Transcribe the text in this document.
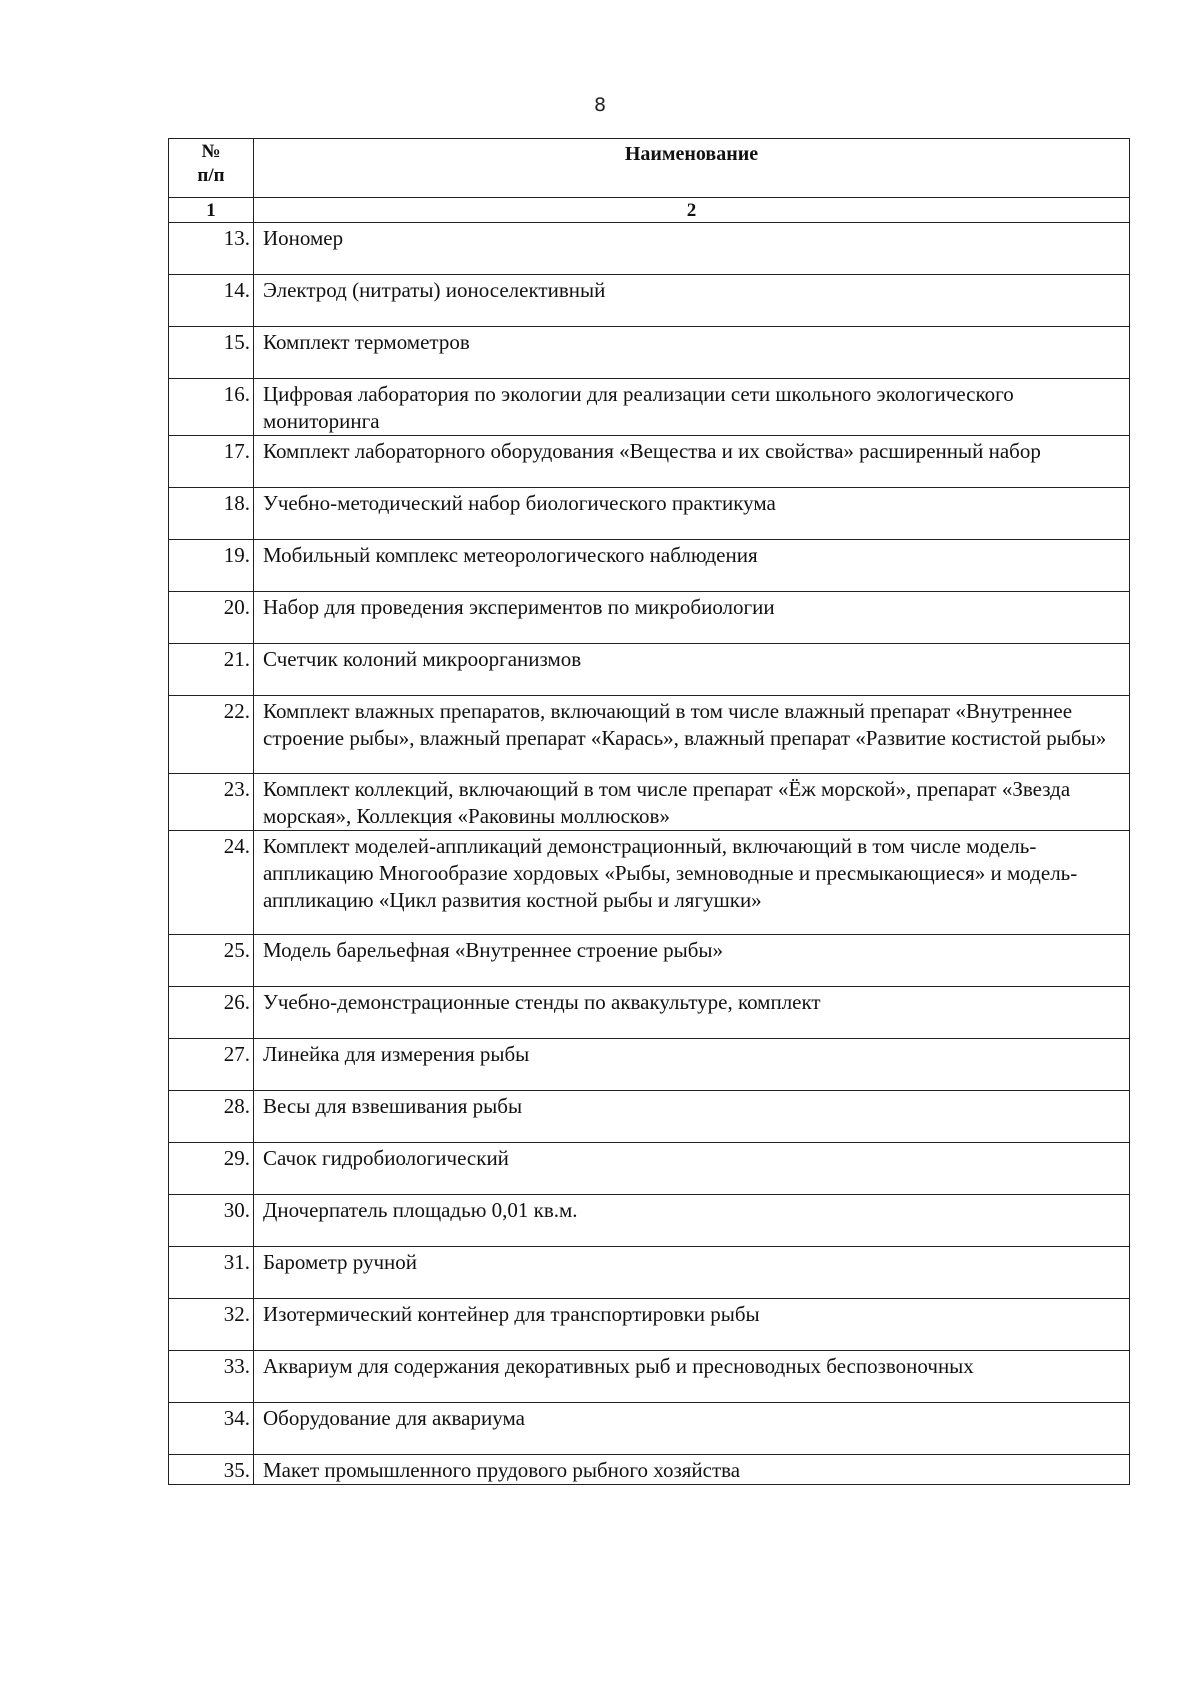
8
№
п/п	Наименование
1	2
13.	Иономер
14.	Электрод (нитраты) ионоселективный
15.	Комплект термометров
16.	Цифровая лаборатория по экологии для реализации сети школьного экологического мониторинга
17.	Комплект лабораторного оборудования «Вещества и их свойства» расширенный набор
18.	Учебно-методический набор биологического практикума
19.	Мобильный комплекс метеорологического наблюдения
20.	Набор для проведения экспериментов по микробиологии
21.	Счетчик колоний микроорганизмов
22.	Комплект влажных препаратов, включающий в том числе влажный препарат «Внутреннее строение рыбы», влажный препарат «Карась», влажный препарат «Развитие костистой рыбы»
23.	Комплект коллекций, включающий в том числе препарат «Ёж морской», препарат «Звезда морская», Коллекция «Раковины моллюсков»
24.	Комплект моделей-аппликаций демонстрационный, включающий в том числе модель-аппликацию Многообразие хордовых «Рыбы, земноводные и пресмыкающиеся» и модель-аппликацию «Цикл развития костной рыбы и лягушки»
25.	Модель барельефная «Внутреннее строение рыбы»
26.	Учебно-демонстрационные стенды по аквакультуре, комплект
27.	Линейка для измерения рыбы
28.	Весы для взвешивания рыбы
29.	Сачок гидробиологический
30.	Дночерпатель площадью 0,01 кв.м.
31.	Барометр ручной
32.	Изотермический контейнер для транспортировки рыбы
33.	Аквариум для содержания декоративных рыб и пресноводных беспозвоночных
34.	Оборудование для аквариума
35.	Макет промышленного прудового рыбного хозяйства
